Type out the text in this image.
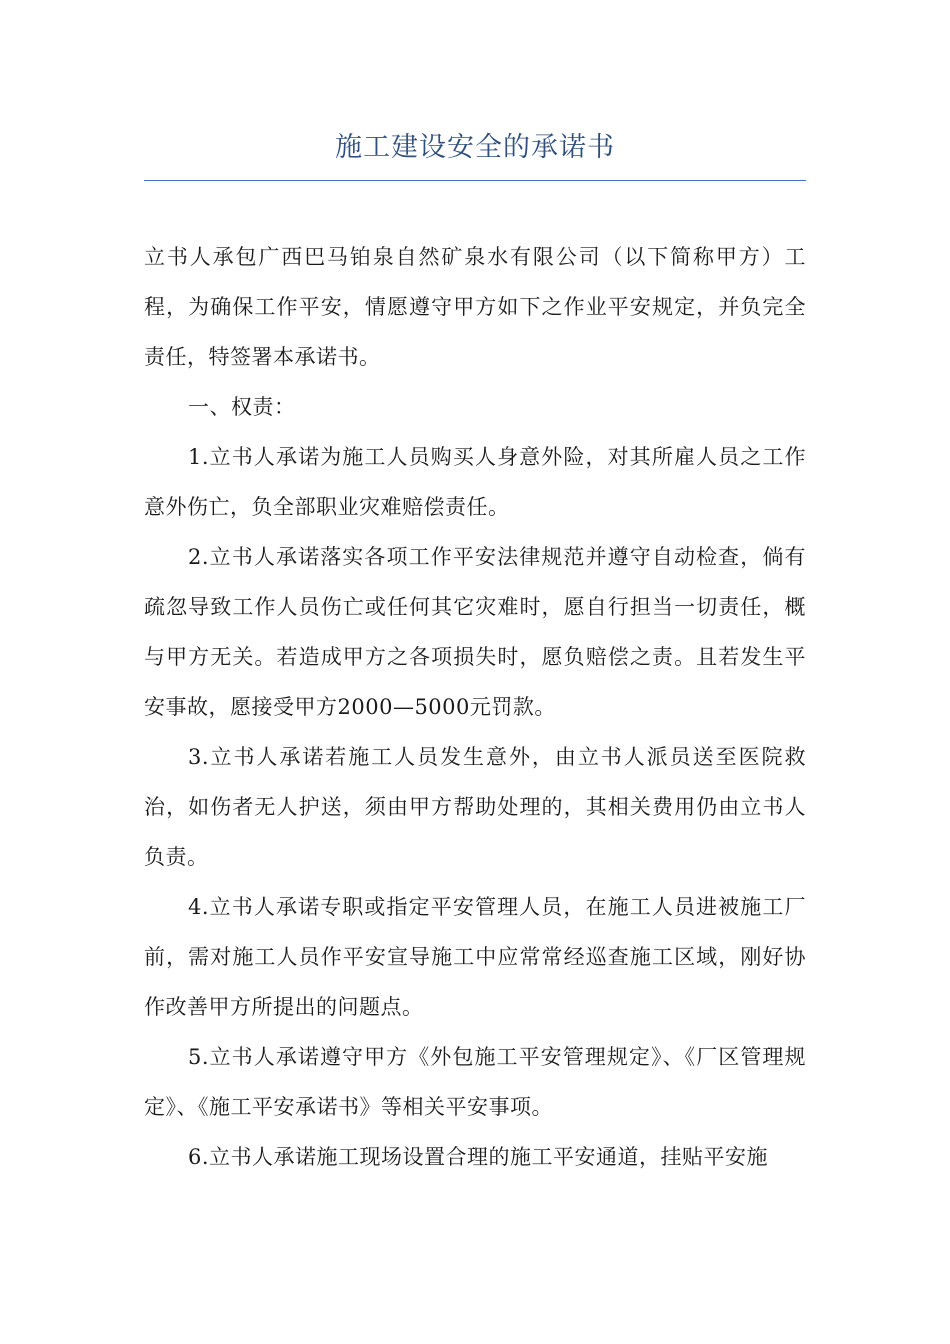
施工建设安全的承诺书

立书人承包广西巴马铂泉自然矿泉水有限公司（以下简称甲方）工程，为确保工作平安，情愿遵守甲方如下之作业平安规定，并负完全责任，特签署本承诺书。

一、权责：

1.立书人承诺为施工人员购买人身意外险，对其所雇人员之工作意外伤亡，负全部职业灾难赔偿责任。

2.立书人承诺落实各项工作平安法律规范并遵守自动检查，倘有疏忽导致工作人员伤亡或任何其它灾难时，愿自行担当一切责任，概与甲方无关。若造成甲方之各项损失时，愿负赔偿之责。且若发生平安事故，愿接受甲方2000—5000元罚款。

3.立书人承诺若施工人员发生意外，由立书人派员送至医院救治，如伤者无人护送，须由甲方帮助处理的，其相关费用仍由立书人负责。

4.立书人承诺专职或指定平安管理人员，在施工人员进被施工厂前，需对施工人员作平安宣导施工中应常常经巡查施工区域，刚好协作改善甲方所提出的问题点。

5.立书人承诺遵守甲方《外包施工平安管理规定》、《厂区管理规定》、《施工平安承诺书》等相关平安事项。

6.立书人承诺施工现场设置合理的施工平安通道，挂贴平安施
